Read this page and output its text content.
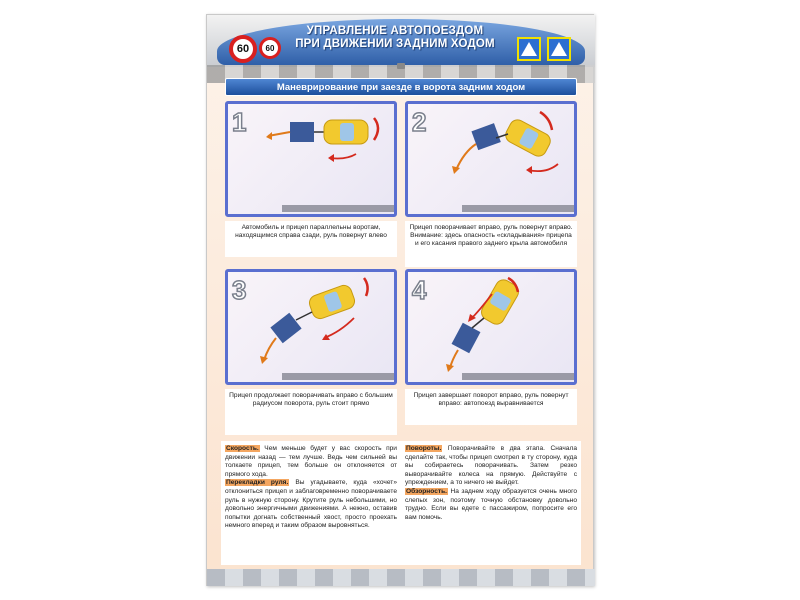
60	60
УПРАВЛЕНИЕ АВТОПОЕЗДОМ
ПРИ ДВИЖЕНИИ ЗАДНИМ ХОДОМ
Маневрирование при заезде в ворота задним ходом
1
Автомобиль и прицеп параллельны воротам, находящимся справа сзади, руль повернут влево
2
Прицеп поворачивает вправо, руль повернут вправо. Внимание: здесь опасность «складывания» прицепа и его касания правого заднего крыла автомобиля
3
Прицеп продолжает поворачивать вправо с большим радиусом поворота, руль стоит прямо
4
Прицеп завершает поворот вправо, руль повернут вправо: автопоезд выравнивается

Скорость. Чем меньше будет у вас скорость при движении назад — тем лучше. Ведь чем сильней вы толкаете прицеп, тем больше он отклоняется от прямого хода.

Перекладки руля. Вы угадываете, куда «хочет» отклониться прицеп и заблаговременно поворачиваете руль в нужную сторону. Крутите руль небольшими, но довольно энергичными движениями. А нежно, оставив попытки догнать собственный хвост, просто проехать немного вперед и таким образом выровняться.

Повороты. Поворачивайте в два этапа. Сначала сделайте так, чтобы прицеп смотрел в ту сторону, куда вы собираетесь поворачивать. Затем резко выворачивайте колеса на прямую. Действуйте с упреждением, а то ничего не выйдет.

Обзорность. На заднем ходу образуется очень много слепых зон, поэтому точную обстановку довольно трудно. Если вы едете с пассажиром, попросите его вам помочь.
